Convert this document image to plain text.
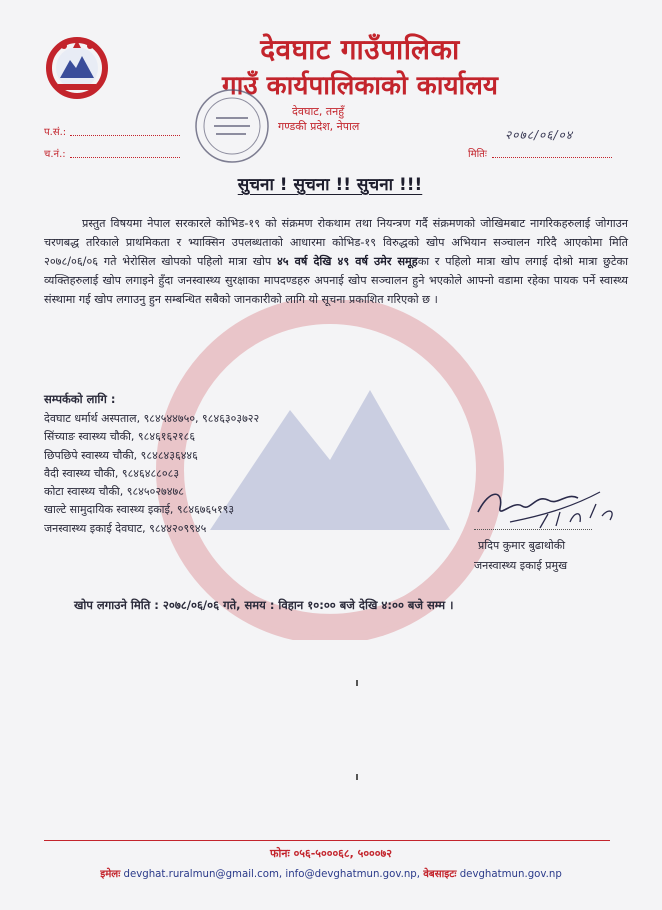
देवघाट गाउँपालिका
गाउँ कार्यपालिकाको कार्यालय
देवघाट, तनहुँ
गण्डकी प्रदेश, नेपाल
प.सं.:
च.नं.:
२०७८/०६/०४
मितिः
सुचना ! सुचना !! सुचना !!!

प्रस्तुत विषयमा नेपाल सरकारले कोभिड-१९ को संक्रमण रोकथाम तथा नियन्त्रण गर्दै संक्रमणको जोखिमबाट नागरिकहरुलाई जोगाउन चरणबद्ध तरिकाले प्राथमिकता र भ्याक्सिन उपलब्धताको आधारमा कोभिड-१९ विरुद्धको खोप अभियान सञ्चालन गरिदै आएकोमा मिति २०७८/०६/०६ गते भेरोसिल खोपको पहिलो मात्रा खोप ४५ वर्ष देखि ४९ वर्ष उमेर समूहका र पहिलो मात्रा खोप लगाई दोश्रो मात्रा छुटेका व्यक्तिहरुलाई खोप लगाइने हुँदा जनस्वास्थ्य सुरक्षाका मापदण्डहरु अपनाई खोप सञ्चालन हुने भएकोले आफ्नो वडामा रहेका पायक पर्ने स्वास्थ्य संस्थामा गई खोप लगाउनु हुन सम्बन्धित सबैको जानकारीको लागि यो सूचना प्रकाशित गरिएको छ ।

सम्पर्कको लागि :

देवघाट धर्मार्थ अस्पताल, ९८४५४४७५०, ९८४६३०३७२२
सिंच्याङ स्वास्थ्य चौकी, ९८४६१६२१८६
छिपछिपे स्वास्थ्य चौकी, ९८४८४३६४४६
वैदी स्वास्थ्य चौकी, ९८४६४८८०८३
कोटा स्वास्थ्य चौकी, ९८४५०२७४७८
खाल्टे सामुदायिक स्वास्थ्य इकाई, ९८४६७६५१९३
जनस्वास्थ्य इकाई देवघाट, ९८४४२०९९४५
प्रदिप कुमार बुढाथोकी
जनस्वास्थ्य इकाई प्रमुख

खोप लगाउने मिति : २०७८/०६/०६ गते, समय : विहान १०:०० बजे देखि ४:०० बजे सम्म ।

फोनः ०५६-५०००६८, ५०००७२
इमेलः devghat.ruralmun@gmail.com, info@devghatmun.gov.np, वेबसाइटः devghatmun.gov.np
